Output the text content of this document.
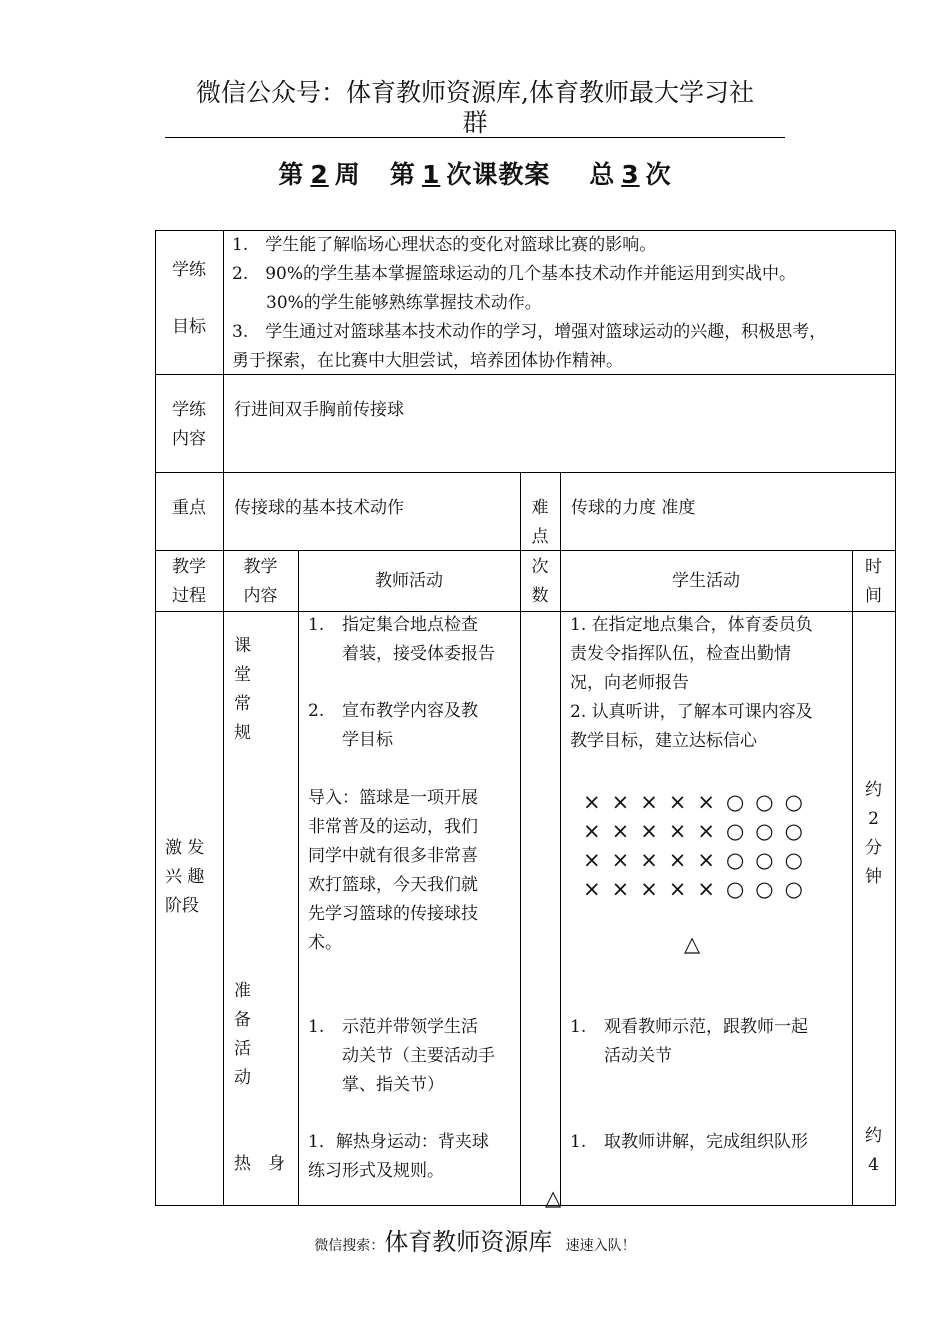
微信公众号：体育教师资源库,体育教师最大学习社
群
第 2 周 第 1 次课教案 总 3 次
学练
目标
1.　学生能了解临场心理状态的变化对篮球比赛的影响。
2.　90%的学生基本掌握篮球运动的几个基本技术动作并能运用到实战中。
30%的学生能够熟练掌握技术动作。
3.　学生通过对篮球基本技术动作的学习，增强对篮球运动的兴趣，积极思考，
勇于探索，在比赛中大胆尝试，培养团体协作精神。
学练
内容
行进间双手胸前传接球
重点	传接球的基本技术动作	难
点
传球的力度 准度
教学
过程
教学
内容
教师活动
次
数
学生活动
时
间
激 发
兴 趣
阶段
课
堂
常
规
准
备
活
动
热　身
1. 指定集合地点检查
着装，接受体委报告
2. 宣布教学内容及教
学目标
导入：篮球是一项开展
非常普及的运动，我们
同学中就有很多非常喜
欢打篮球，今天我们就
先学习篮球的传接球技
术。
1. 示范并带领学生活
动关节（主要活动手
掌、指关节）
1．解热身运动：背夹球
练习形式及规则。
1. 在指定地点集合，体育委员负
责发令指挥队伍，检查出勤情
况，向老师报告
2. 认真听讲，了解本可课内容及
教学目标，建立达标信心
×××××○○○
×××××○○○
×××××○○○
×××××○○○
△
1. 观看教师示范，跟教师一起
活动关节
1. 取教师讲解，完成组织队形
约
2
分
钟
约
4
△
微信搜索：体育教师资源库 速速入队！
